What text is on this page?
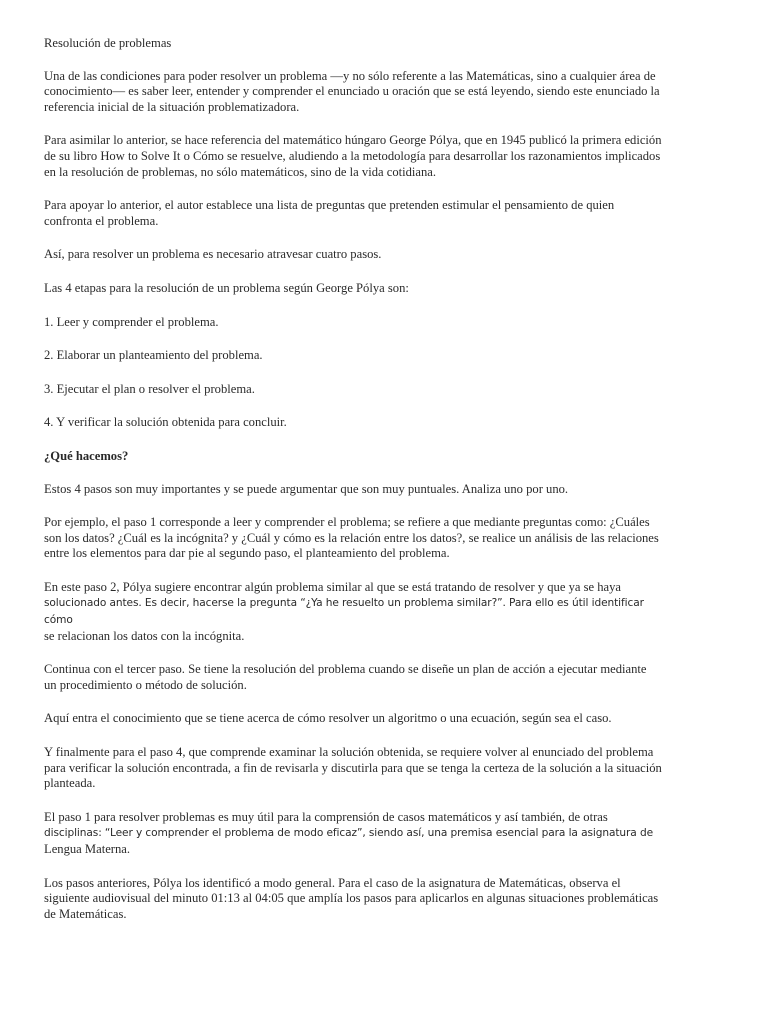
Resolución de problemas

Una de las condiciones para poder resolver un problema —y no sólo referente a las Matemáticas, sino a cualquier área de conocimiento— es saber leer, entender y comprender el enunciado u oración que se está leyendo, siendo este enunciado la referencia inicial de la situación problematizadora.

Para asimilar lo anterior, se hace referencia del matemático húngaro George Pólya, que en 1945 publicó la primera edición de su libro How to Solve It o Cómo se resuelve, aludiendo a la metodología para desarrollar los razonamientos implicados en la resolución de problemas, no sólo matemáticos, sino de la vida cotidiana.

Para apoyar lo anterior, el autor establece una lista de preguntas que pretenden estimular el pensamiento de quien confronta el problema.

Así, para resolver un problema es necesario atravesar cuatro pasos.

Las 4 etapas para la resolución de un problema según George Pólya son:

1. Leer y comprender el problema.

2. Elaborar un planteamiento del problema.

3. Ejecutar el plan o resolver el problema.

4. Y verificar la solución obtenida para concluir.

¿Qué hacemos?

Estos 4 pasos son muy importantes y se puede argumentar que son muy puntuales. Analiza uno por uno.

Por ejemplo, el paso 1 corresponde a leer y comprender el problema; se refiere a que mediante preguntas como: ¿Cuáles son los datos? ¿Cuál es la incógnita? y ¿Cuál y cómo es la relación entre los datos?, se realice un análisis de las relaciones entre los elementos para dar pie al segundo paso, el planteamiento del problema.

En este paso 2, Pólya sugiere encontrar algún problema similar al que se está tratando de resolver y que ya se haya
solucionado antes. Es decir, hacerse la pregunta “¿Ya he resuelto un problema similar?”. Para ello es útil identificar cómo
se relacionan los datos con la incógnita.

Continua con el tercer paso. Se tiene la resolución del problema cuando se diseñe un plan de acción a ejecutar mediante un procedimiento o método de solución.

Aquí entra el conocimiento que se tiene acerca de cómo resolver un algoritmo o una ecuación, según sea el caso.

Y finalmente para el paso 4, que comprende examinar la solución obtenida, se requiere volver al enunciado del problema para verificar la solución encontrada, a fin de revisarla y discutirla para que se tenga la certeza de la solución a la situación planteada.

El paso 1 para resolver problemas es muy útil para la comprensión de casos matemáticos y así también, de otras
disciplinas: “Leer y comprender el problema de modo eficaz”, siendo así, una premisa esencial para la asignatura de
Lengua Materna.

Los pasos anteriores, Pólya los identificó a modo general. Para el caso de la asignatura de Matemáticas, observa el siguiente audiovisual del minuto 01:13 al 04:05 que amplía los pasos para aplicarlos en algunas situaciones problemáticas de Matemáticas.
